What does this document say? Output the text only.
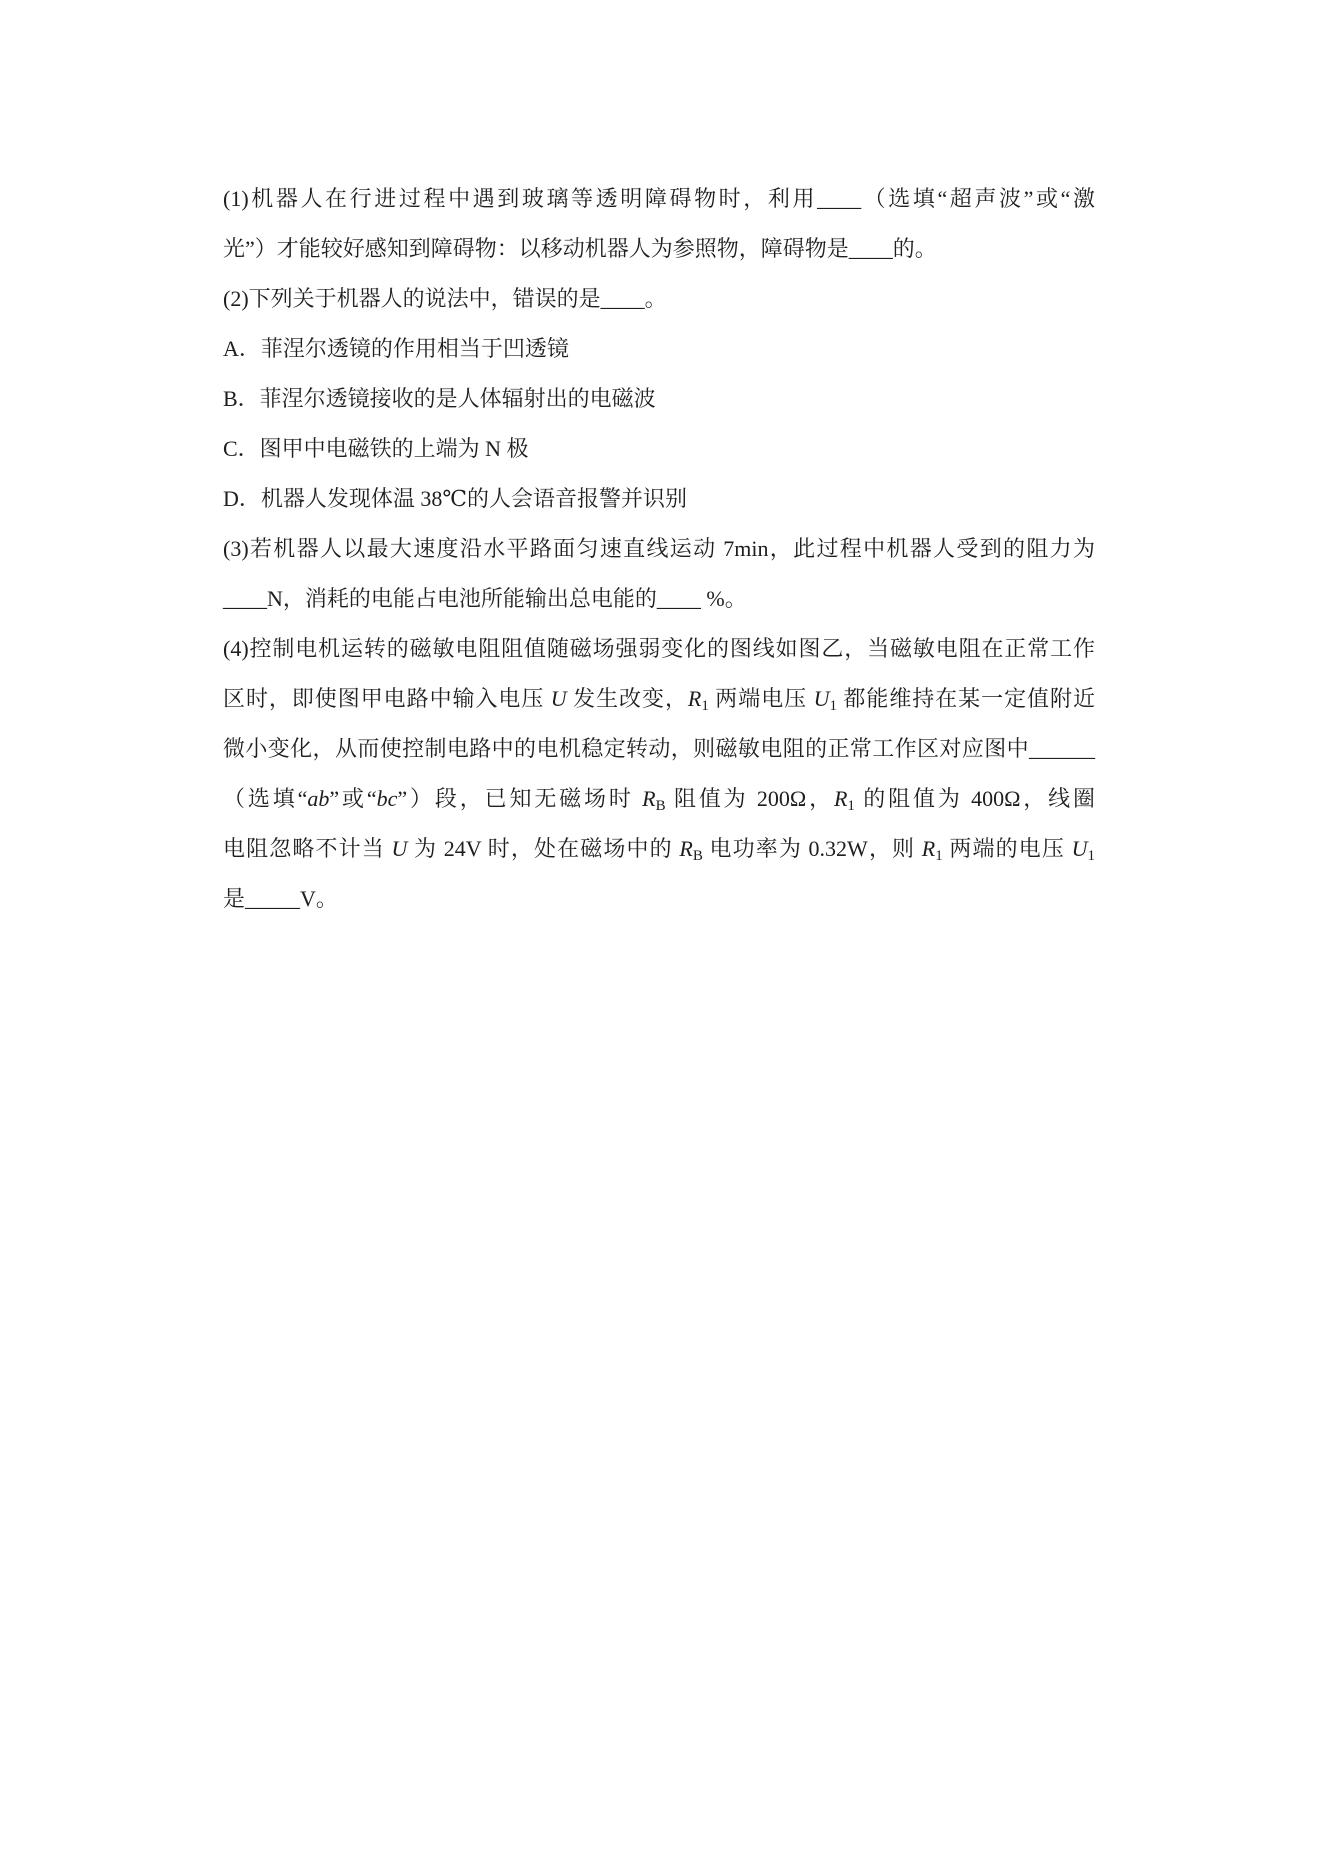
(1)机器人在行进过程中遇到玻璃等透明障碍物时，利用____（选填“超声波”或“激
光”）才能较好感知到障碍物：以移动机器人为参照物，障碍物是____的。
(2)下列关于机器人的说法中，错误的是____。
A．菲涅尔透镜的作用相当于凹透镜
B．菲涅尔透镜接收的是人体辐射出的电磁波
C．图甲中电磁铁的上端为 N 极
D．机器人发现体温 38℃的人会语音报警并识别
(3)若机器人以最大速度沿水平路面匀速直线运动 7min，此过程中机器人受到的阻力为
____N，消耗的电能占电池所能输出总电能的____ %。
(4)控制电机运转的磁敏电阻阻值随磁场强弱变化的图线如图乙，当磁敏电阻在正常工作
区时，即使图甲电路中输入电压 U 发生改变，$R_1$ 两端电压 $U_1$ 都能维持在某一定值附近
微小变化，从而使控制电路中的电机稳定转动，则磁敏电阻的正常工作区对应图中______
（选填“ab”或“bc”）段，已知无磁场时 $R_B$ 阻值为 200Ω，$R_1$ 的阻值为 400Ω，线圈
电阻忽略不计当 U 为 24V 时，处在磁场中的 $R_B$ 电功率为 0.32W，则 $R_1$ 两端的电压 $U_1$
是_____V。
